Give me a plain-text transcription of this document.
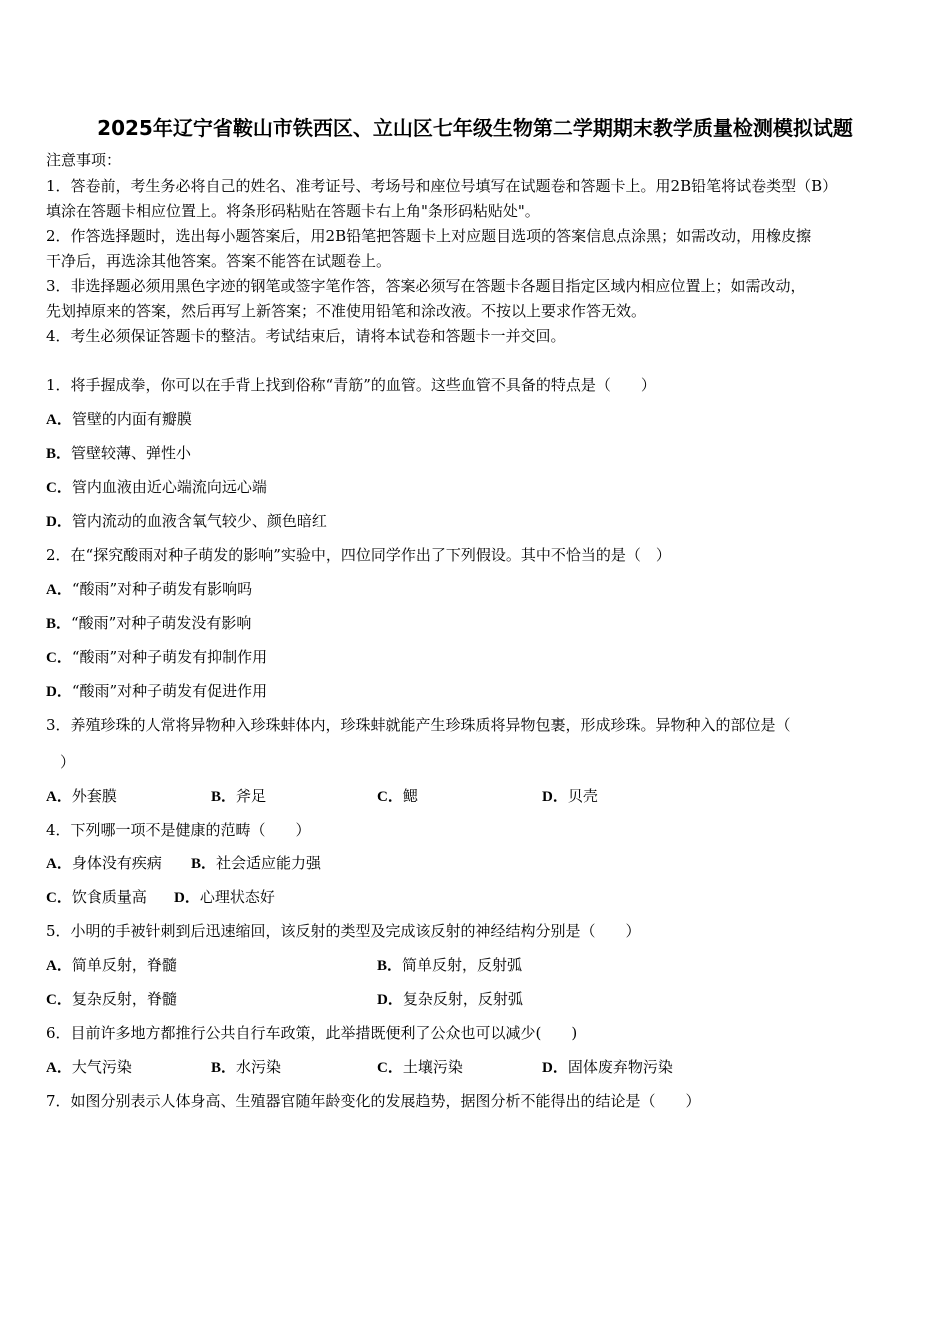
2025年辽宁省鞍山市铁西区、立山区七年级生物第二学期期末教学质量检测模拟试题
注意事项：
1．答卷前，考生务必将自己的姓名、准考证号、考场号和座位号填写在试题卷和答题卡上。用2B铅笔将试卷类型（B）
填涂在答题卡相应位置上。将条形码粘贴在答题卡右上角"条形码粘贴处"。
2．作答选择题时，选出每小题答案后，用2B铅笔把答题卡上对应题目选项的答案信息点涂黑；如需改动，用橡皮擦
干净后，再选涂其他答案。答案不能答在试题卷上。
3．非选择题必须用黑色字迹的钢笔或签字笔作答，答案必须写在答题卡各题目指定区域内相应位置上；如需改动，
先划掉原来的答案，然后再写上新答案；不准使用铅笔和涂改液。不按以上要求作答无效。
4．考生必须保证答题卡的整洁。考试结束后，请将本试卷和答题卡一并交回。
1．将手握成拳，你可以在手背上找到俗称“青筋”的血管。这些血管不具备的特点是（　　）
A．管壁的内面有瓣膜
B．管壁较薄、弹性小
C．管内血液由近心端流向远心端
D．管内流动的血液含氧气较少、颜色暗红
2．在“探究酸雨对种子萌发的影响”实验中，四位同学作出了下列假设。其中不恰当的是（　）
A．“酸雨”对种子萌发有影响吗
B．“酸雨”对种子萌发没有影响
C．“酸雨”对种子萌发有抑制作用
D．“酸雨”对种子萌发有促进作用
3．养殖珍珠的人常将异物种入珍珠蚌体内，珍珠蚌就能产生珍珠质将异物包裹，形成珍珠。异物种入的部位是（
）
A．外套膜	B．斧足	C．鳃	D．贝壳
4．下列哪一项不是健康的范畴（　　）
A．身体没有疾病 B．社会适应能力强
C．饮食质量高 D．心理状态好
5．小明的手被针刺到后迅速缩回，该反射的类型及完成该反射的神经结构分别是（　　）
A．简单反射，脊髓	B．简单反射，反射弧
C．复杂反射，脊髓	D．复杂反射，反射弧
6．目前许多地方都推行公共自行车政策，此举措既便利了公众也可以减少(　　)
A．大气污染	B．水污染	C．土壤污染	D．固体废弃物污染
7．如图分别表示人体身高、生殖器官随年龄变化的发展趋势，据图分析不能得出的结论是（　　）
